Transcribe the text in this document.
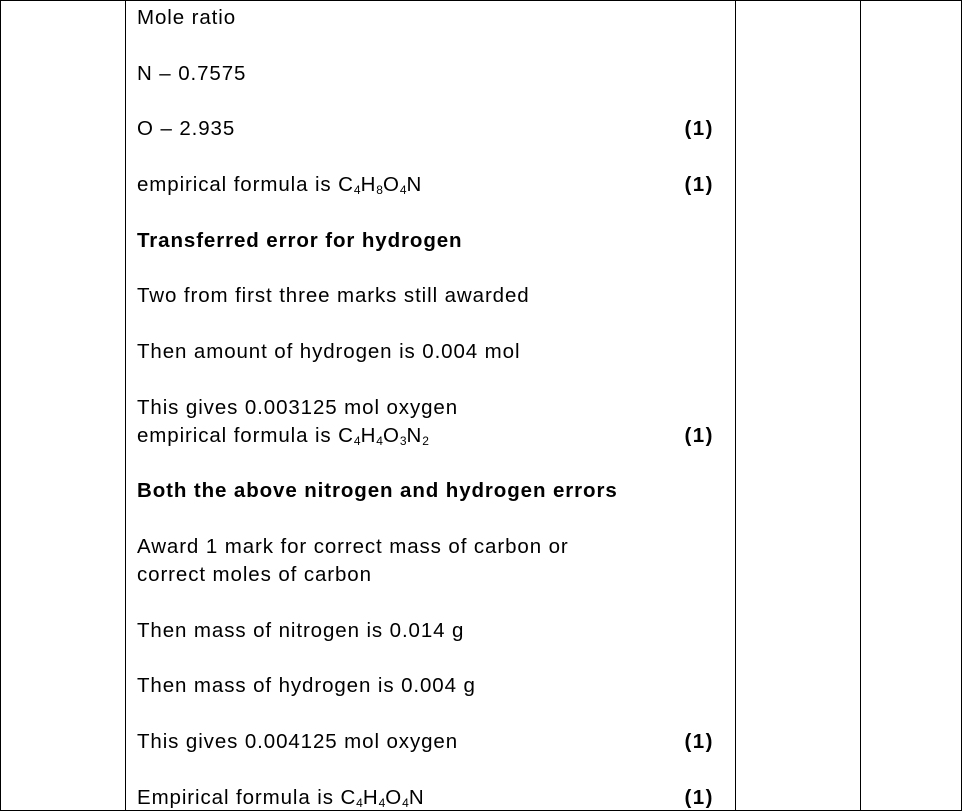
Mole ratio
N – 0.7575
O – 2.935	(1)
empirical formula is $C_4H_8O_4N$	(1)
Transferred error for hydrogen
Two from first three marks still awarded
Then amount of hydrogen is 0.004 mol
This gives 0.003125 mol oxygen
empirical formula is $C_4H_4O_3N_2$	(1)
Both the above nitrogen and hydrogen errors
Award 1 mark for correct mass of carbon or
correct moles of carbon
Then mass of nitrogen is 0.014 g
Then mass of hydrogen is 0.004 g
This gives 0.004125 mol oxygen	(1)
Empirical formula is $C_4H_4O_4N$	(1)
